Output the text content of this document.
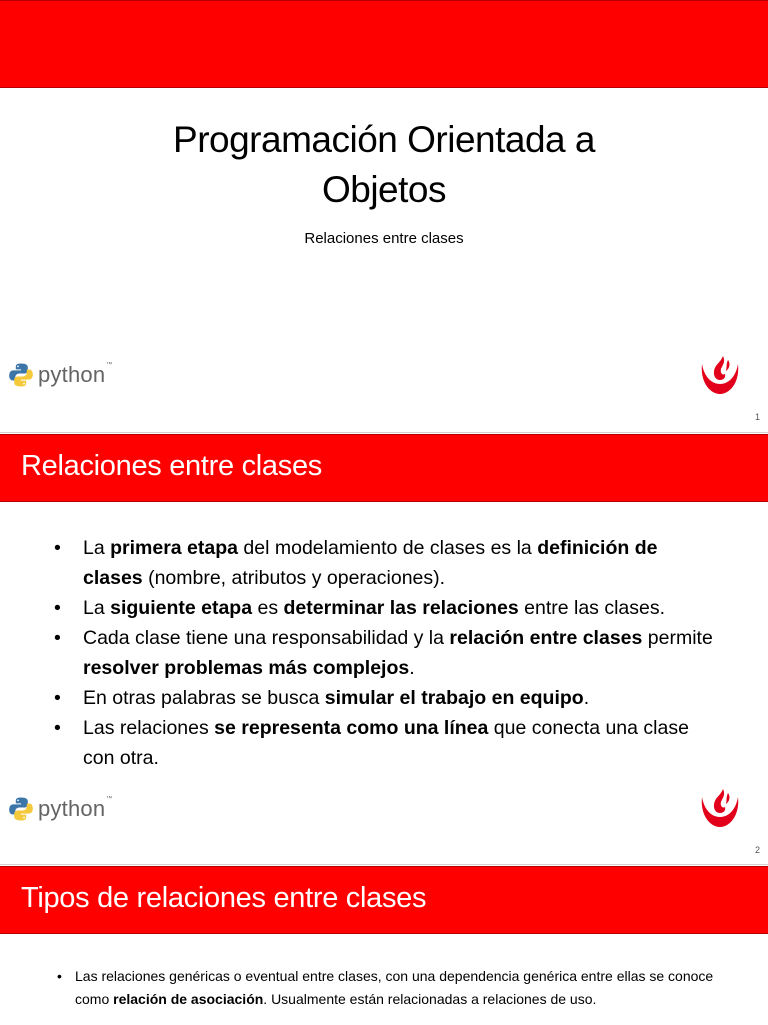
Programación Orientada a
Objetos
Relaciones entre clases
python™
1
Relaciones entre clases
• La primera etapa del modelamiento de clases es la definición de clases (nombre, atributos y operaciones).
• La siguiente etapa es determinar las relaciones entre las clases.
• Cada clase tiene una responsabilidad y la relación entre clases permite resolver problemas más complejos.
• En otras palabras se busca simular el trabajo en equipo.
• Las relaciones se representa como una línea que conecta una clase con otra.
python™
2
Tipos de relaciones entre clases
• Las relaciones genéricas o eventual entre clases, con una dependencia genérica entre ellas se conoce como relación de asociación. Usualmente están relacionadas a relaciones de uso.
